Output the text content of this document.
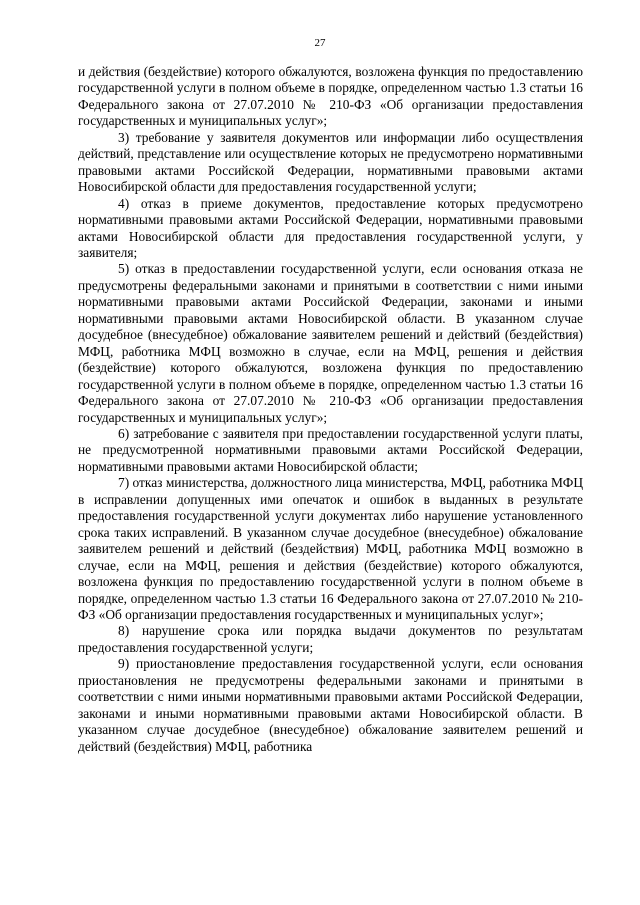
27

и действия (бездействие) которого обжалуются, возложена функция по предоставлению государственной услуги в полном объеме в порядке, определенном частью 1.3 статьи 16 Федерального закона от 27.07.2010 № 210-ФЗ «Об организации предоставления государственных и муниципальных услуг»;

3) требование у заявителя документов или информации либо осуществления действий, представление или осуществление которых не предусмотрено нормативными правовыми актами Российской Федерации, нормативными правовыми актами Новосибирской области для предоставления государственной услуги;

4) отказ в приеме документов, предоставление которых предусмотрено нормативными правовыми актами Российской Федерации, нормативными правовыми актами Новосибирской области для предоставления государственной услуги, у заявителя;

5) отказ в предоставлении государственной услуги, если основания отказа не предусмотрены федеральными законами и принятыми в соответствии с ними иными нормативными правовыми актами Российской Федерации, законами и иными нормативными правовыми актами Новосибирской области. В указанном случае досудебное (внесудебное) обжалование заявителем решений и действий (бездействия) МФЦ, работника МФЦ возможно в случае, если на МФЦ, решения и действия (бездействие) которого обжалуются, возложена функция по предоставлению государственной услуги в полном объеме в порядке, определенном частью 1.3 статьи 16 Федерального закона от 27.07.2010 № 210-ФЗ «Об организации предоставления государственных и муниципальных услуг»;

6) затребование с заявителя при предоставлении государственной услуги платы, не предусмотренной нормативными правовыми актами Российской Федерации, нормативными правовыми актами Новосибирской области;

7) отказ министерства, должностного лица министерства, МФЦ, работника МФЦ в исправлении допущенных ими опечаток и ошибок в выданных в результате предоставления государственной услуги документах либо нарушение установленного срока таких исправлений. В указанном случае досудебное (внесудебное) обжалование заявителем решений и действий (бездействия) МФЦ, работника МФЦ возможно в случае, если на МФЦ, решения и действия (бездействие) которого обжалуются, возложена функция по предоставлению государственной услуги в полном объеме в порядке, определенном частью 1.3 статьи 16 Федерального закона от 27.07.2010 № 210-ФЗ «Об организации предоставления государственных и муниципальных услуг»;

8) нарушение срока или порядка выдачи документов по результатам предоставления государственной услуги;

9) приостановление предоставления государственной услуги, если основания приостановления не предусмотрены федеральными законами и принятыми в соответствии с ними иными нормативными правовыми актами Российской Федерации, законами и иными нормативными правовыми актами Новосибирской области. В указанном случае досудебное (внесудебное) обжалование заявителем решений и действий (бездействия) МФЦ, работника
